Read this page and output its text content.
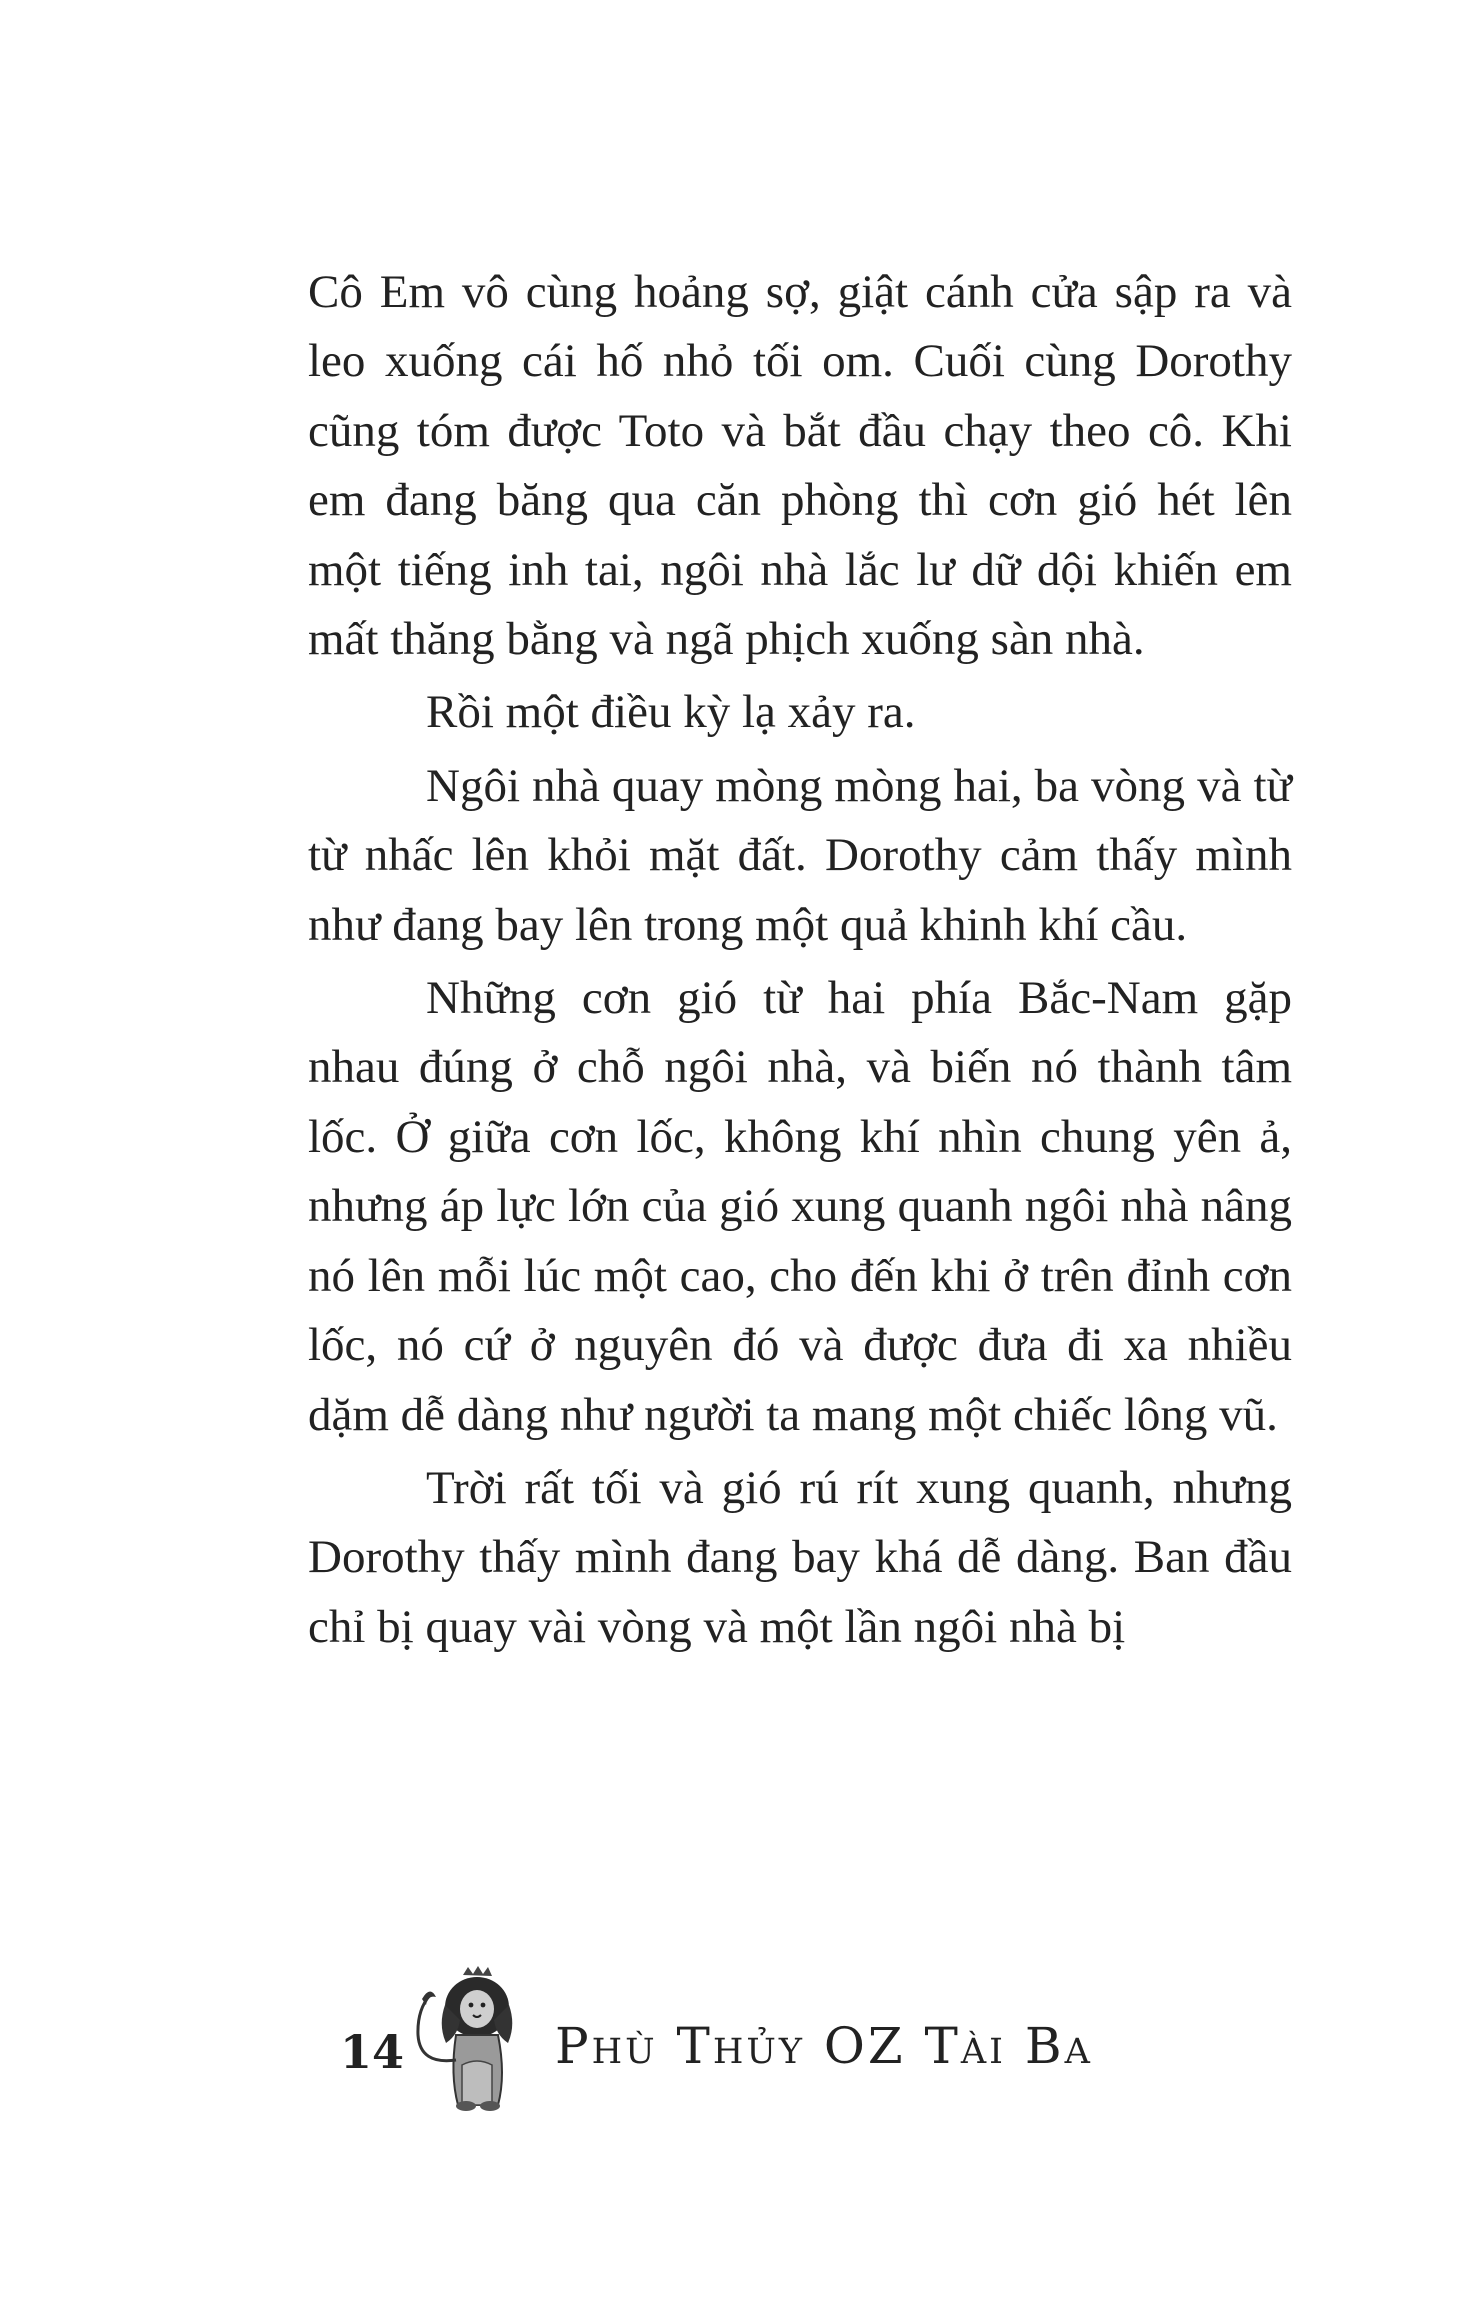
Cô Em vô cùng hoảng sợ, giật cánh cửa sập ra và leo xuống cái hố nhỏ tối om. Cuối cùng Dorothy cũng tóm được Toto và bắt đầu chạy theo cô. Khi em đang băng qua căn phòng thì cơn gió hét lên một tiếng inh tai, ngôi nhà lắc lư dữ dội khiến em mất thăng bằng và ngã phịch xuống sàn nhà.

Rồi một điều kỳ lạ xảy ra.

Ngôi nhà quay mòng mòng hai, ba vòng và từ từ nhấc lên khỏi mặt đất. Dorothy cảm thấy mình như đang bay lên trong một quả khinh khí cầu.

Những cơn gió từ hai phía Bắc-Nam gặp nhau đúng ở chỗ ngôi nhà, và biến nó thành tâm lốc. Ở giữa cơn lốc, không khí nhìn chung yên ả, nhưng áp lực lớn của gió xung quanh ngôi nhà nâng nó lên mỗi lúc một cao, cho đến khi ở trên đỉnh cơn lốc, nó cứ ở nguyên đó và được đưa đi xa nhiều dặm dễ dàng như người ta mang một chiếc lông vũ.

Trời rất tối và gió rú rít xung quanh, nhưng Dorothy thấy mình đang bay khá dễ dàng. Ban đầu chỉ bị quay vài vòng và một lần ngôi nhà bị

14	Phù Thủy OZ Tài Ba
